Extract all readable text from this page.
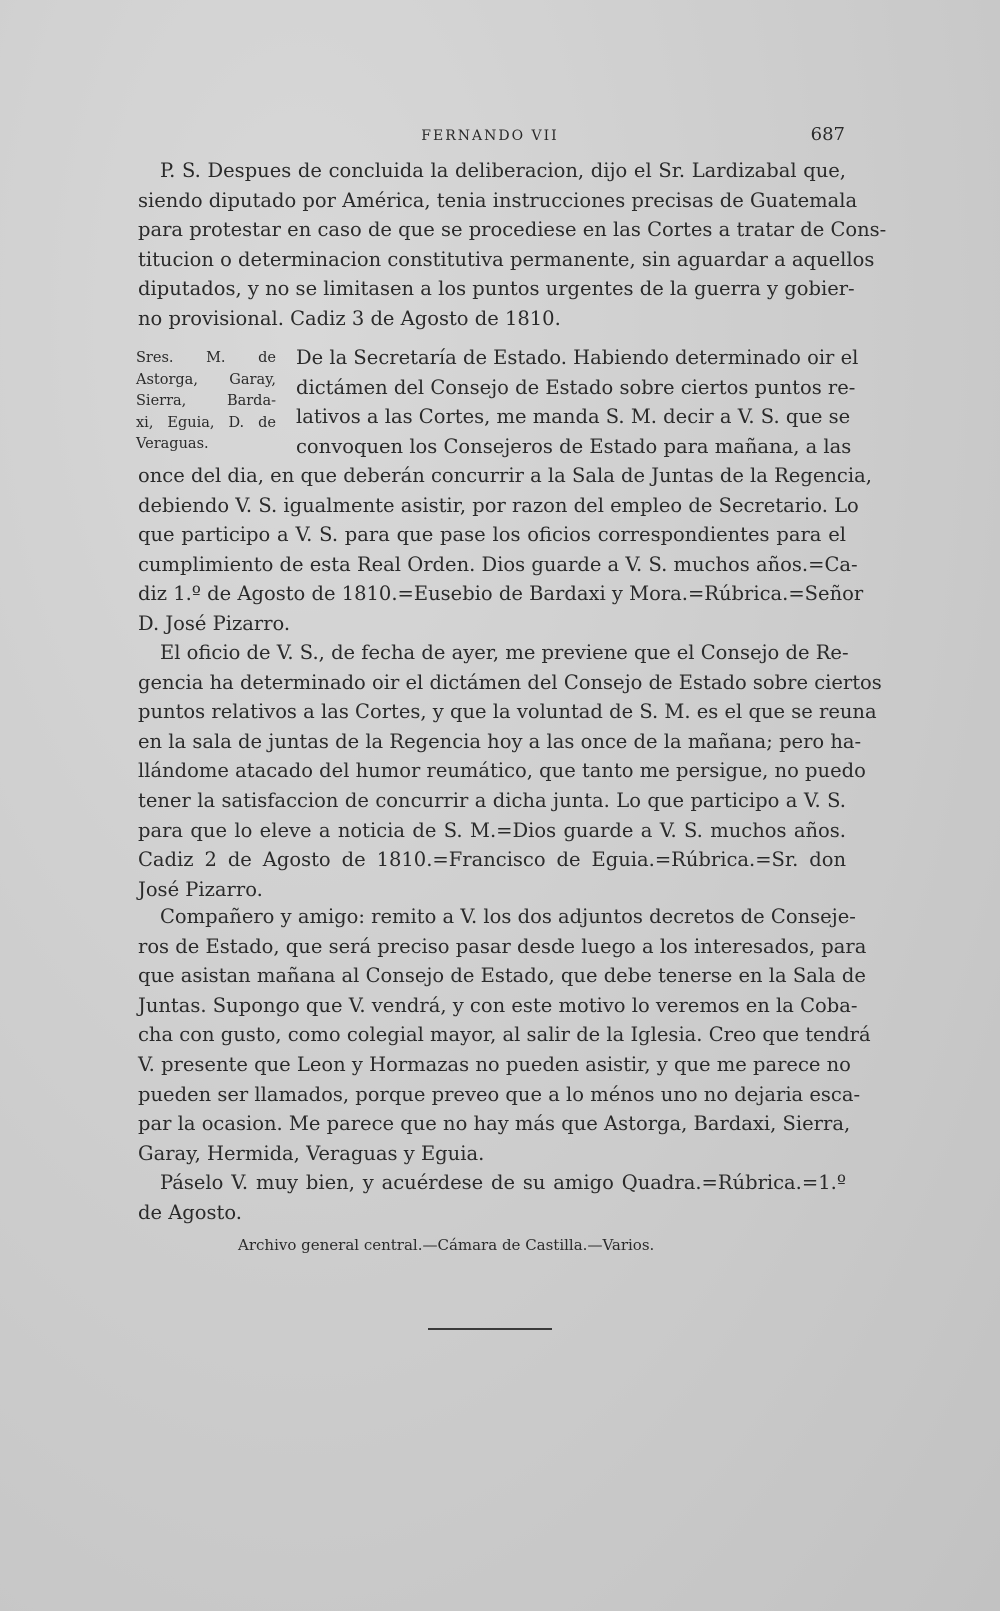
FERNANDO VII	687
P. S. Despues de concluida la deliberacion, dijo el Sr. Lardizabal que,
siendo diputado por América, tenia instrucciones precisas de Guatemala
para protestar en caso de que se procediese en las Cortes a tratar de Cons-
titucion o determinacion constitutiva permanente, sin aguardar a aquellos
diputados, y no se limitasen a los puntos urgentes de la guerra y gobier-
no provisional. Cadiz 3 de Agosto de 1810.
Sres. M. de
Astorga, Garay,
Sierra, Barda-
xi, Eguia, D. de
Veraguas.
De la Secretaría de Estado. Habiendo determinado oir el
dictámen del Consejo de Estado sobre ciertos puntos re-
lativos a las Cortes, me manda S. M. decir a V. S. que se
convoquen los Consejeros de Estado para mañana, a las
once del dia, en que deberán concurrir a la Sala de Juntas de la Regencia,
debiendo V. S. igualmente asistir, por razon del empleo de Secretario. Lo
que participo a V. S. para que pase los oficios correspondientes para el
cumplimiento de esta Real Orden. Dios guarde a V. S. muchos años.=Ca-
diz 1.º de Agosto de 1810.=Eusebio de Bardaxi y Mora.=Rúbrica.=Señor
D. José Pizarro.
El oficio de V. S., de fecha de ayer, me previene que el Consejo de Re-
gencia ha determinado oir el dictámen del Consejo de Estado sobre ciertos
puntos relativos a las Cortes, y que la voluntad de S. M. es el que se reuna
en la sala de juntas de la Regencia hoy a las once de la mañana; pero ha-
llándome atacado del humor reumático, que tanto me persigue, no puedo
tener la satisfaccion de concurrir a dicha junta. Lo que participo a V. S.
para que lo eleve a noticia de S. M.=Dios guarde a V. S. muchos años.
Cadiz 2 de Agosto de 1810.=Francisco de Eguia.=Rúbrica.=Sr. don
José Pizarro.
Compañero y amigo: remito a V. los dos adjuntos decretos de Conseje-
ros de Estado, que será preciso pasar desde luego a los interesados, para
que asistan mañana al Consejo de Estado, que debe tenerse en la Sala de
Juntas. Supongo que V. vendrá, y con este motivo lo veremos en la Coba-
cha con gusto, como colegial mayor, al salir de la Iglesia. Creo que tendrá
V. presente que Leon y Hormazas no pueden asistir, y que me parece no
pueden ser llamados, porque preveo que a lo ménos uno no dejaria esca-
par la ocasion. Me parece que no hay más que Astorga, Bardaxi, Sierra,
Garay, Hermida, Veraguas y Eguia.
Páselo V. muy bien, y acuérdese de su amigo Quadra.=Rúbrica.=1.º
de Agosto.
Archivo general central.—Cámara de Castilla.—Varios.
